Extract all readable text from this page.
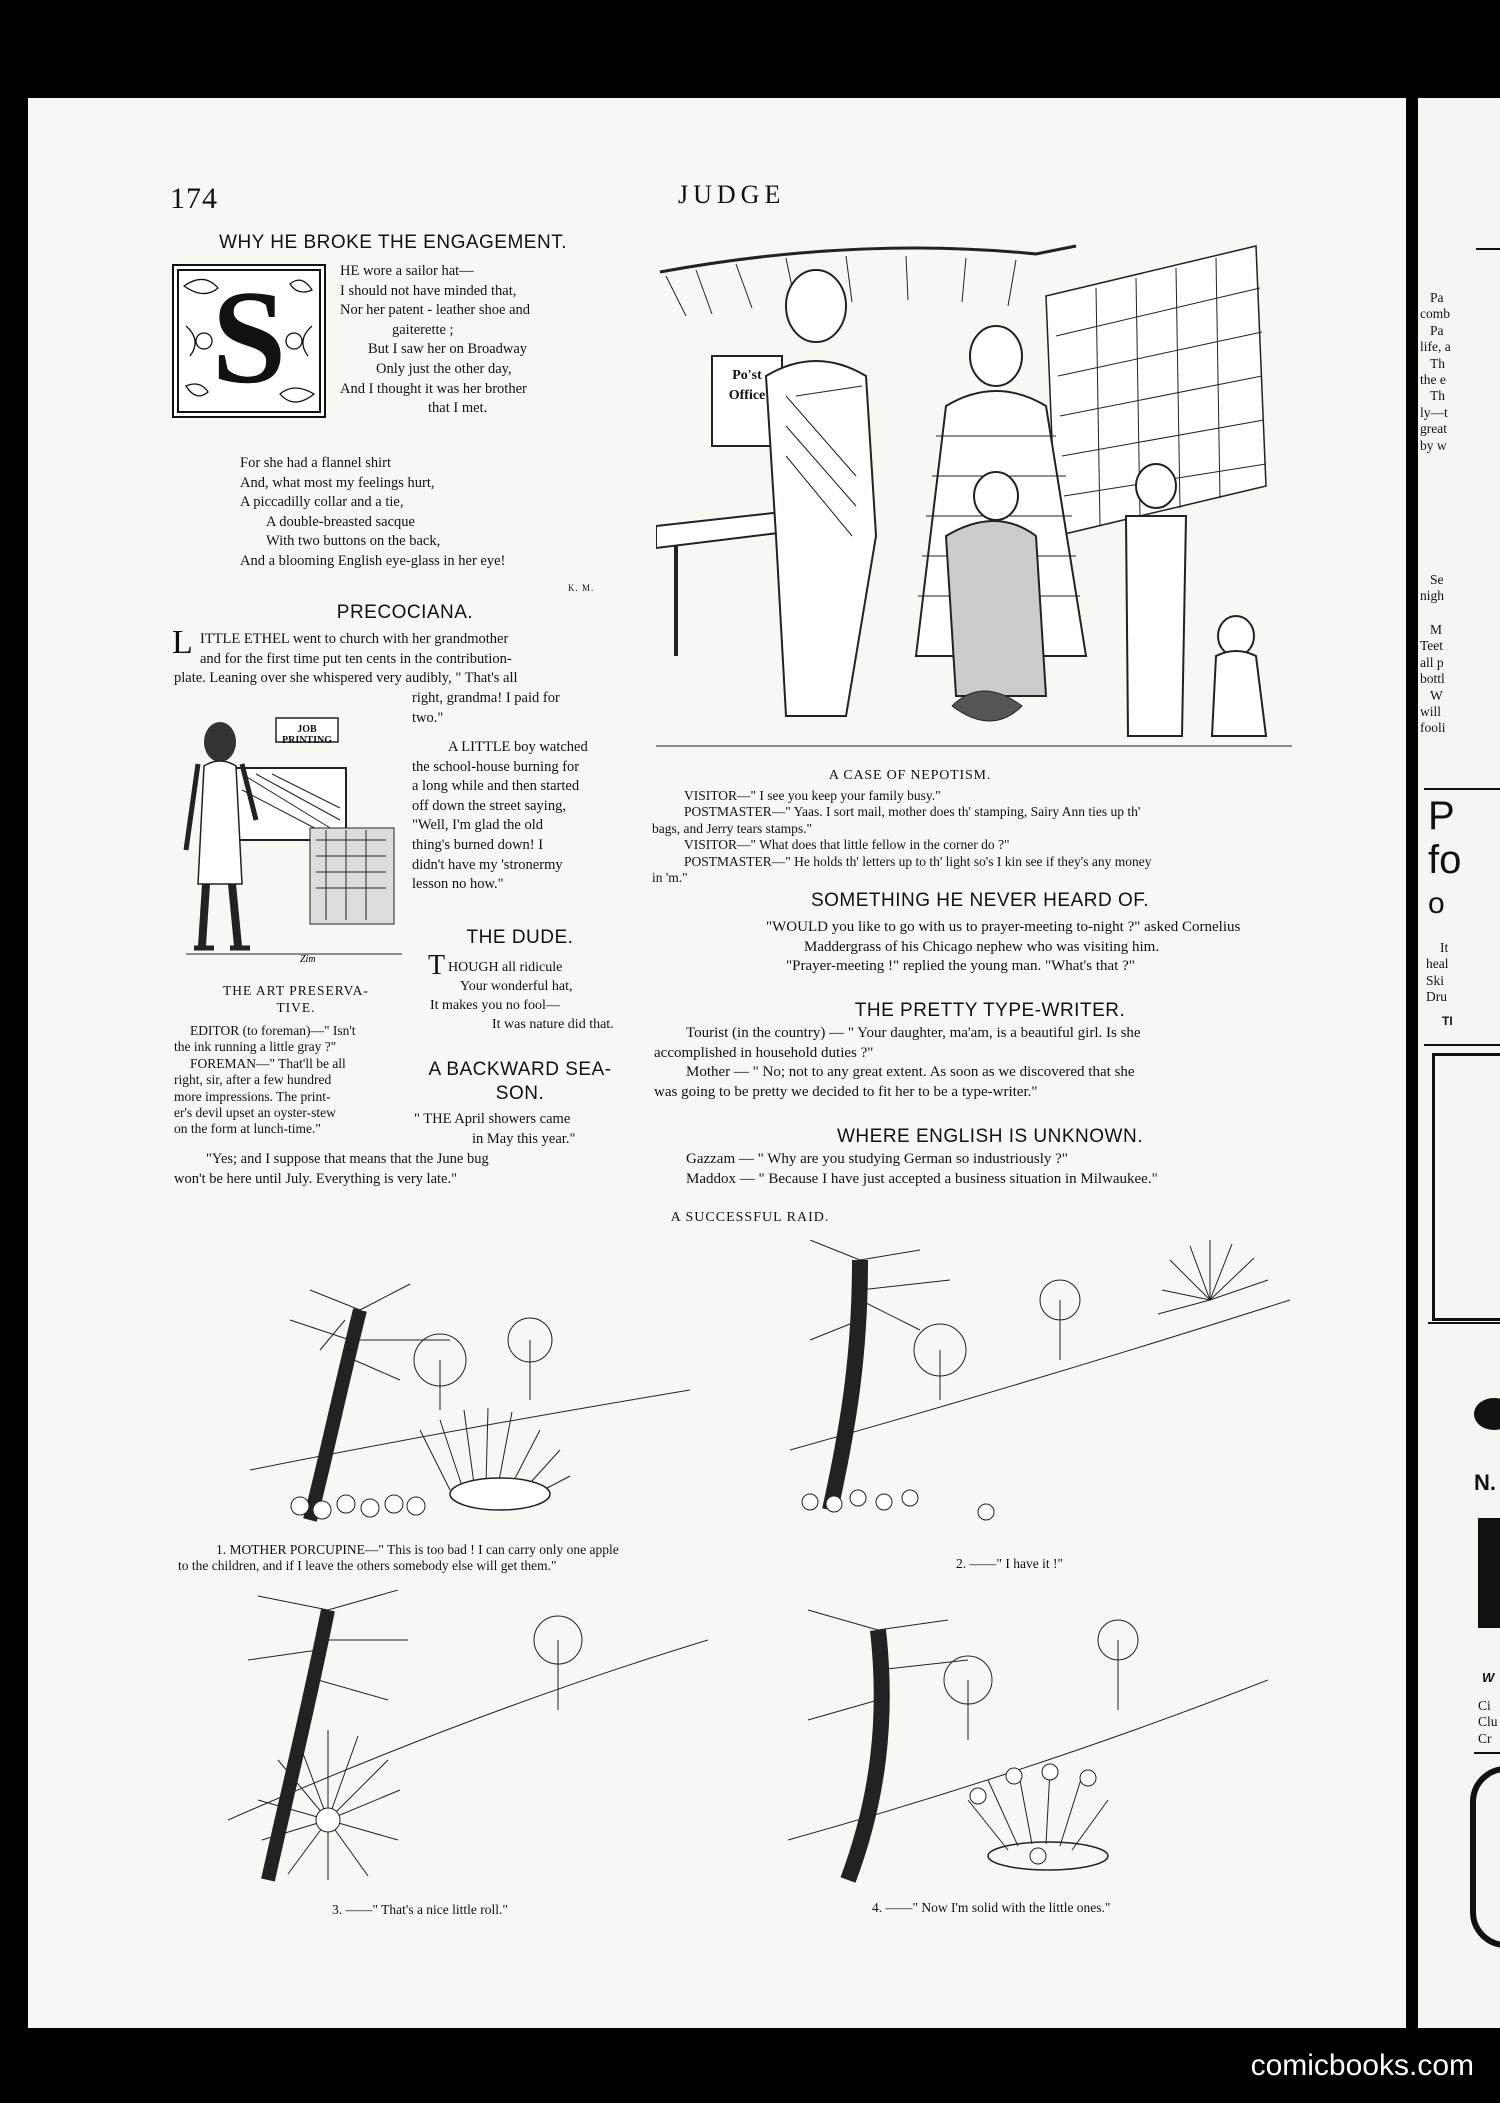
174	JUDGE
WHY HE BROKE THE ENGAGEMENT.
S	HE wore a sailor hat—
I should not have minded that,
Nor her patent - leather shoe and
gaiterette ;
But I saw her on Broadway
Only just the other day,
And I thought it was her brother
that I met.
For she had a flannel shirt
And, what most my feelings hurt,
A piccadilly collar and a tie,
A double-breasted sacque
With two buttons on the back,
And a blooming English eye-glass in her eye!
K. M.
PRECOCIANA.
L ITTLE ETHEL went to church with her grandmother
and for the first time put ten cents in the contribution-
plate. Leaning over she whispered very audibly, " That's all
right, grandma! I paid for
two."
A LITTLE boy watched
the school-house burning for
a long while and then started
off down the street saying,
"Well, I'm glad the old
thing's burned down! I
didn't have my 'stronermy
lesson no how."
Zim
JOB PRINTING
THE ART PRESERVA-
TIVE.
EDITOR (to foreman)—" Isn't
the ink running a little gray ?"
FOREMAN—" That'll be all
right, sir, after a few hundred
more impressions. The print-
er's devil upset an oyster-stew
on the form at lunch-time."
THE DUDE.
T HOUGH all ridicule
Your wonderful hat,
It makes you no fool—
It was nature did that.
A BACKWARD SEA-
SON.
" THE April showers came
in May this year."
"Yes; and I suppose that means that the June bug
won't be here until July. Everything is very late."
Po'st
Office
A CASE OF NEPOTISM.
VISITOR—" I see you keep your family busy."
POSTMASTER—" Yaas. I sort mail, mother does th' stamping, Sairy Ann ties up th'
bags, and Jerry tears stamps."
VISITOR—" What does that little fellow in the corner do ?"
POSTMASTER—" He holds th' letters up to th' light so's I kin see if they's any money
in 'm."
SOMETHING HE NEVER HEARD OF.
"WOULD you like to go with us to prayer-meeting to-night ?" asked Cornelius
Maddergrass of his Chicago nephew who was visiting him.
"Prayer-meeting !" replied the young man. "What's that ?"
THE PRETTY TYPE-WRITER.
Tourist (in the country) — " Your daughter, ma'am, is a beautiful girl. Is she
accomplished in household duties ?"
Mother — " No; not to any great extent. As soon as we discovered that she
was going to be pretty we decided to fit her to be a type-writer."
WHERE ENGLISH IS UNKNOWN.
Gazzam — " Why are you studying German so industriously ?"
Maddox — " Because I have just accepted a business situation in Milwaukee."
A SUCCESSFUL RAID.
1. MOTHER PORCUPINE—" This is too bad ! I can carry only one apple
to the children, and if I leave the others somebody else will get them."	2. ——" I have it !"
3. ——" That's a nice little roll."	4. ——" Now I'm solid with the little ones."
Pa
comb
Pa
life, a
Th
the e
Th
ly—t
great
by w
Se
nigh
M
Teet
all p
bottl
W
will
fooli
P
fo
o
It
heal
Ski
Dru
TI
N.
W
Ci
Clu
Cr
comicbooks.com
